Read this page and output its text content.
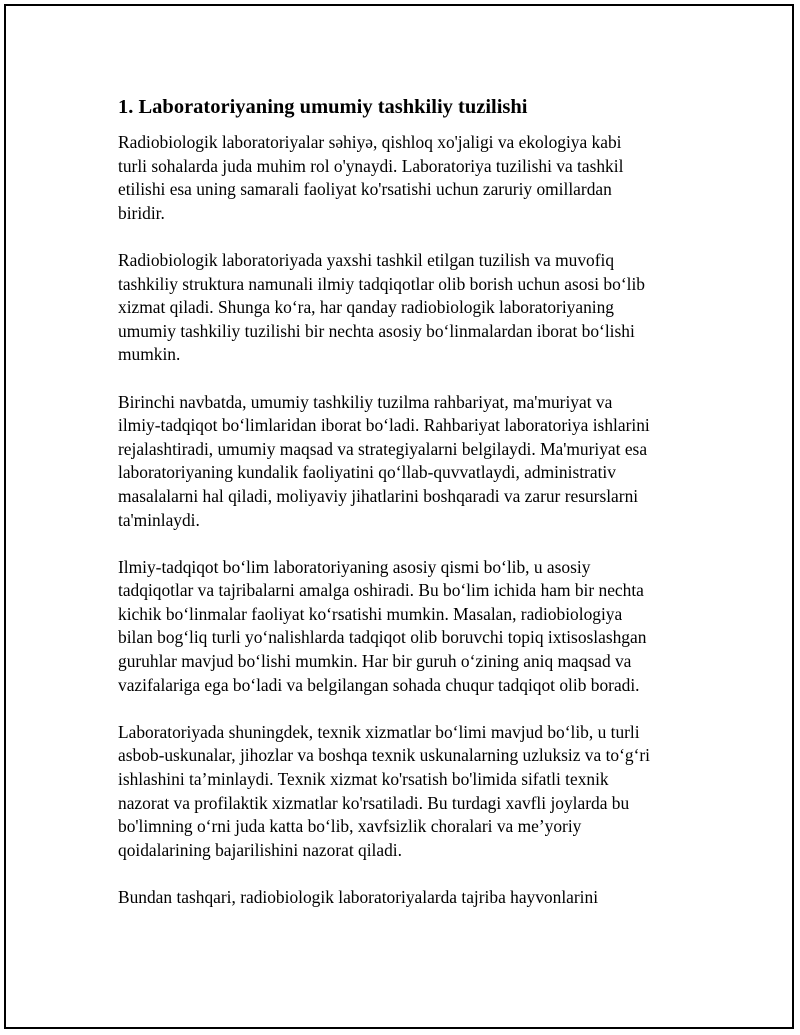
1. Laboratoriyaning umumiy tashkiliy tuzilishi

Radiobiologik laboratoriyalar səhiyə, qishloq xo'jaligi va ekologiya kabi
turli sohalarda juda muhim rol o'ynaydi. Laboratoriya tuzilishi va tashkil
etilishi esa uning samarali faoliyat ko'rsatishi uchun zaruriy omillardan
biridir.

Radiobiologik laboratoriyada yaxshi tashkil etilgan tuzilish va muvofiq
tashkiliy struktura namunali ilmiy tadqiqotlar olib borish uchun asosi boʻlib
xizmat qiladi. Shunga koʻra, har qanday radiobiologik laboratoriyaning
umumiy tashkiliy tuzilishi bir nechta asosiy boʻlinmalardan iborat boʻlishi
mumkin.

Birinchi navbatda, umumiy tashkiliy tuzilma rahbariyat, ma'muriyat va
ilmiy-tadqiqot boʻlimlaridan iborat boʻladi. Rahbariyat laboratoriya ishlarini
rejalashtiradi, umumiy maqsad va strategiyalarni belgilaydi. Ma'muriyat esa
laboratoriyaning kundalik faoliyatini qoʻllab-quvvatlaydi, administrativ
masalalarni hal qiladi, moliyaviy jihatlarini boshqaradi va zarur resurslarni
ta'minlaydi.

Ilmiy-tadqiqot boʻlim laboratoriyaning asosiy qismi boʻlib, u asosiy
tadqiqotlar va tajribalarni amalga oshiradi. Bu boʻlim ichida ham bir nechta
kichik boʻlinmalar faoliyat koʻrsatishi mumkin. Masalan, radiobiologiya
bilan bogʻliq turli yoʻnalishlarda tadqiqot olib boruvchi topiq ixtisoslashgan
guruhlar mavjud boʻlishi mumkin. Har bir guruh oʻzining aniq maqsad va
vazifalariga ega boʻladi va belgilangan sohada chuqur tadqiqot olib boradi.

Laboratoriyada shuningdek, texnik xizmatlar boʻlimi mavjud boʻlib, u turli
asbob-uskunalar, jihozlar va boshqa texnik uskunalarning uzluksiz va toʻgʻri
ishlashini ta’minlaydi. Texnik xizmat ko'rsatish bo'limida sifatli texnik
nazorat va profilaktik xizmatlar ko'rsatiladi. Bu turdagi xavfli joylarda bu
bo'limning oʻrni juda katta boʻlib, xavfsizlik choralari va me’yoriy
qoidalarining bajarilishini nazorat qiladi.

Bundan tashqari, radiobiologik laboratoriyalarda tajriba hayvonlarini
